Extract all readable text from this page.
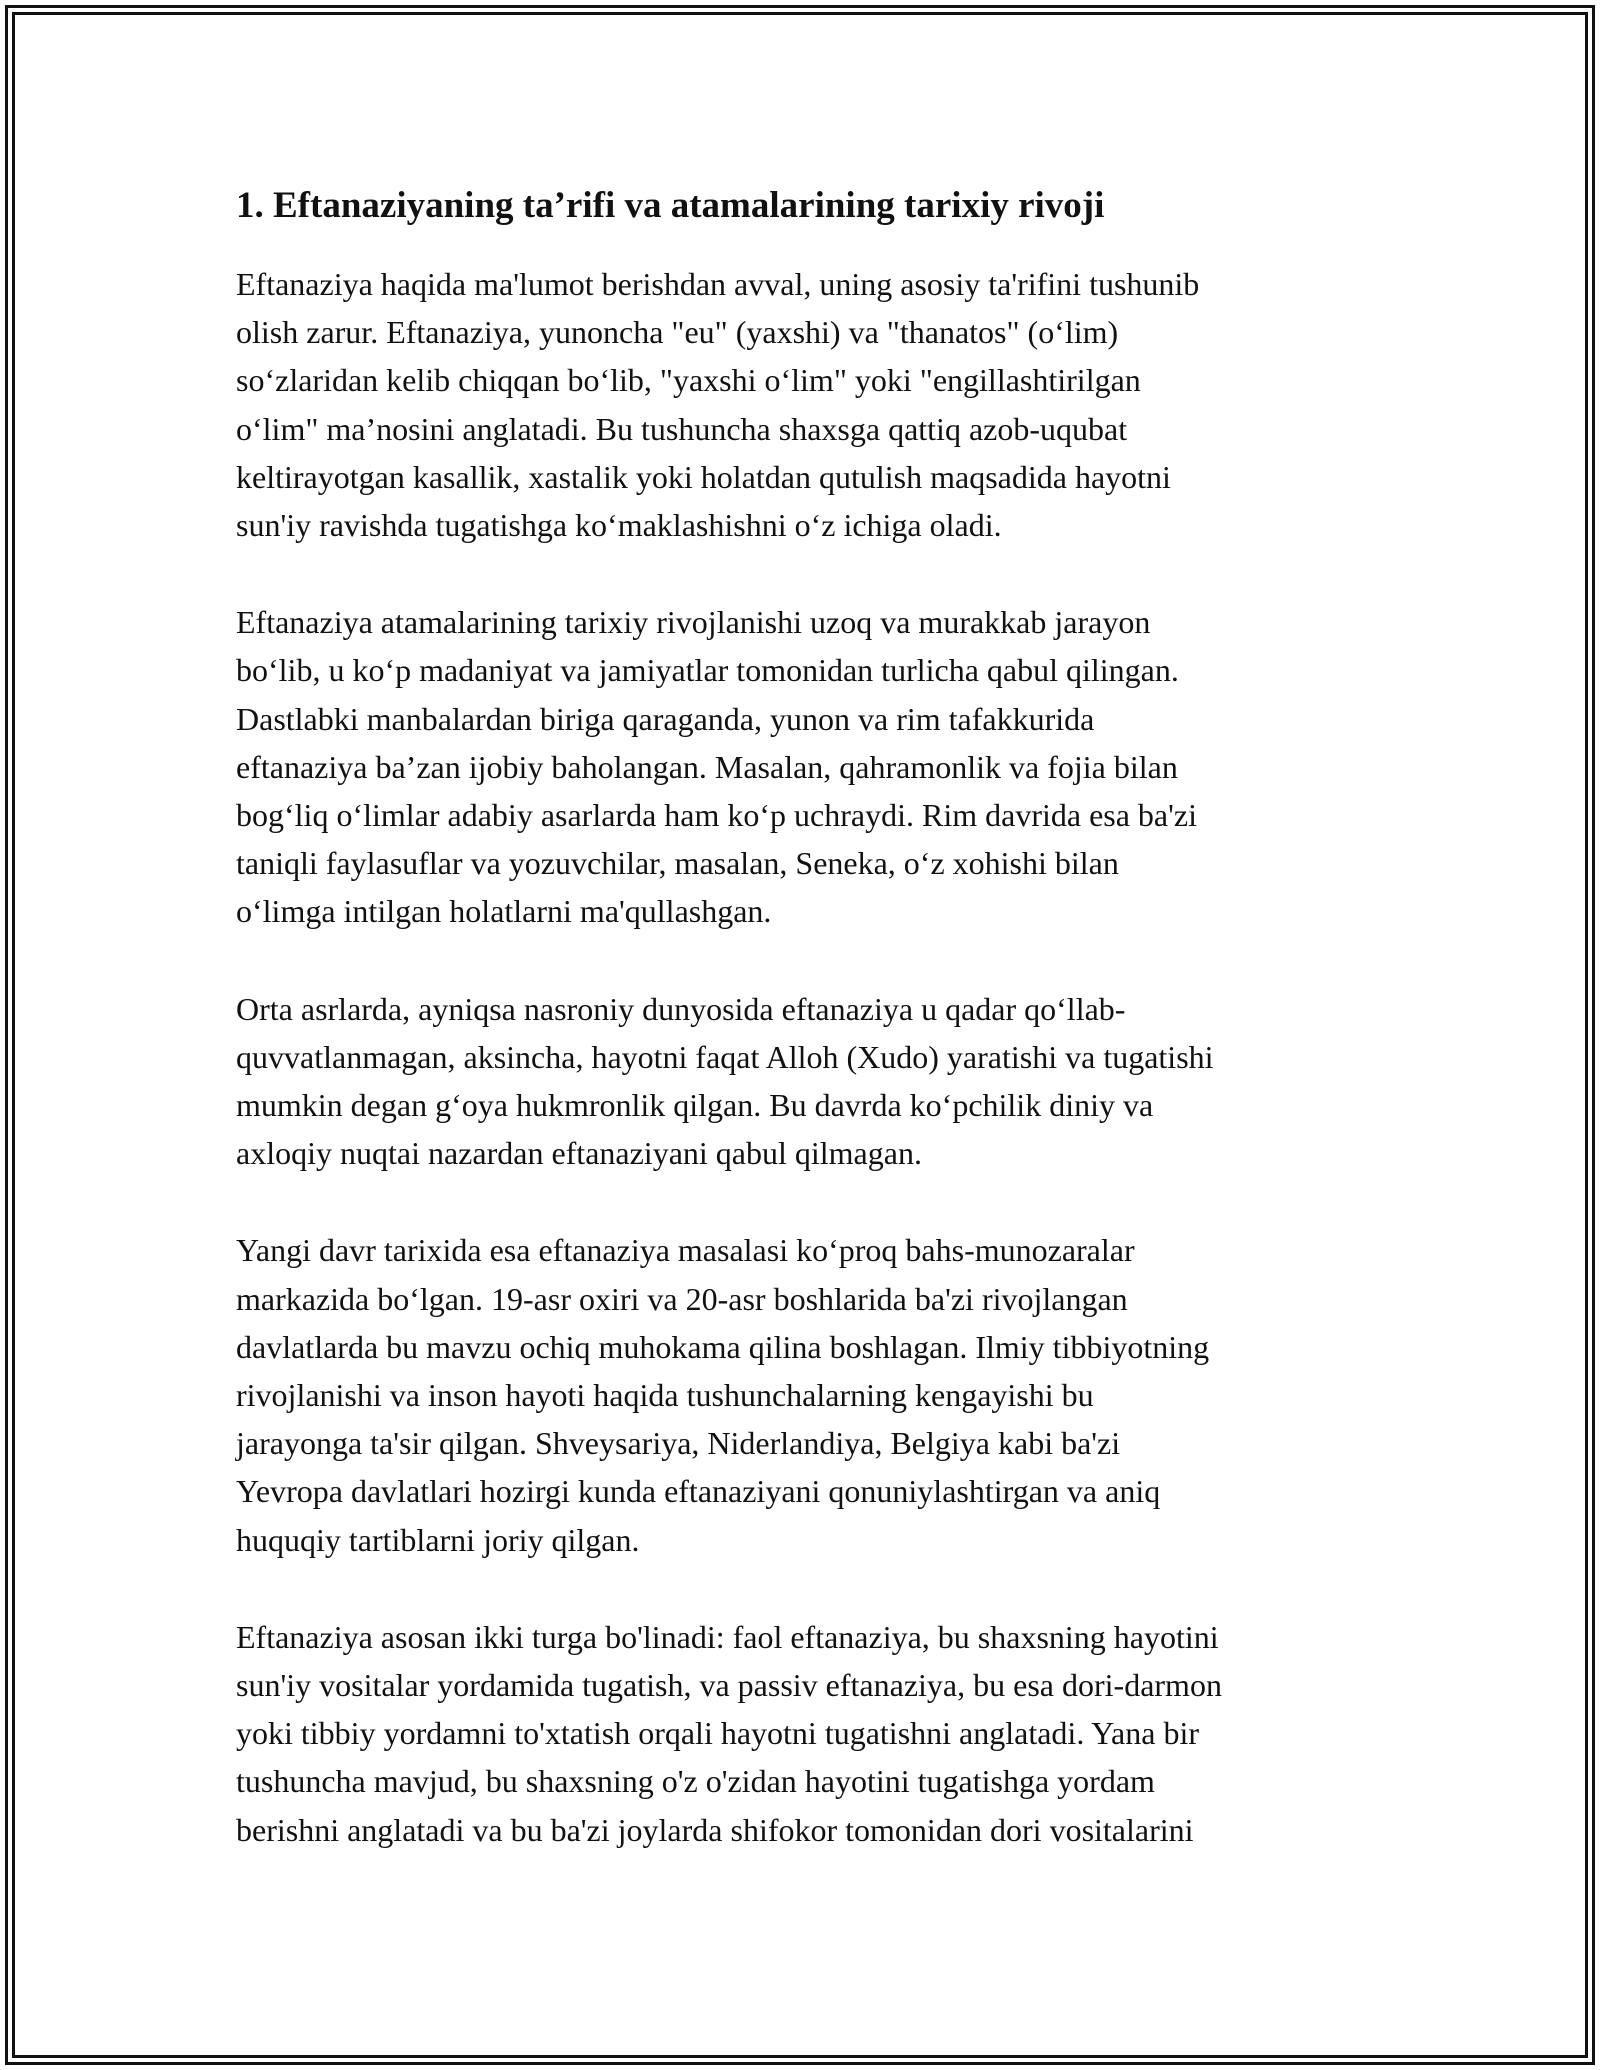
1. Eftanaziyaning ta’rifi va atamalarining tarixiy rivoji

Eftanaziya haqida ma'lumot berishdan avval, uning asosiy ta'rifini tushunib
olish zarur. Eftanaziya, yunoncha "eu" (yaxshi) va "thanatos" (o‘lim)
so‘zlaridan kelib chiqqan bo‘lib, "yaxshi o‘lim" yoki "engillashtirilgan
o‘lim" ma’nosini anglatadi. Bu tushuncha shaxsga qattiq azob-uqubat
keltirayotgan kasallik, xastalik yoki holatdan qutulish maqsadida hayotni
sun'iy ravishda tugatishga ko‘maklashishni o‘z ichiga oladi.

Eftanaziya atamalarining tarixiy rivojlanishi uzoq va murakkab jarayon
bo‘lib, u ko‘p madaniyat va jamiyatlar tomonidan turlicha qabul qilingan.
Dastlabki manbalardan biriga qaraganda, yunon va rim tafakkurida
eftanaziya ba’zan ijobiy baholangan. Masalan, qahramonlik va fojia bilan
bog‘liq o‘limlar adabiy asarlarda ham ko‘p uchraydi. Rim davrida esa ba'zi
taniqli faylasuflar va yozuvchilar, masalan, Seneka, o‘z xohishi bilan
o‘limga intilgan holatlarni ma'qullashgan.

Orta asrlarda, ayniqsa nasroniy dunyosida eftanaziya u qadar qo‘llab-
quvvatlanmagan, aksincha, hayotni faqat Alloh (Xudo) yaratishi va tugatishi
mumkin degan g‘oya hukmronlik qilgan. Bu davrda ko‘pchilik diniy va
axloqiy nuqtai nazardan eftanaziyani qabul qilmagan.

Yangi davr tarixida esa eftanaziya masalasi ko‘proq bahs-munozaralar
markazida bo‘lgan. 19-asr oxiri va 20-asr boshlarida ba'zi rivojlangan
davlatlarda bu mavzu ochiq muhokama qilina boshlagan. Ilmiy tibbiyotning
rivojlanishi va inson hayoti haqida tushunchalarning kengayishi bu
jarayonga ta'sir qilgan. Shveysariya, Niderlandiya, Belgiya kabi ba'zi
Yevropa davlatlari hozirgi kunda eftanaziyani qonuniylashtirgan va aniq
huquqiy tartiblarni joriy qilgan.

Eftanaziya asosan ikki turga bo'linadi: faol eftanaziya, bu shaxsning hayotini
sun'iy vositalar yordamida tugatish, va passiv eftanaziya, bu esa dori-darmon
yoki tibbiy yordamni to'xtatish orqali hayotni tugatishni anglatadi. Yana bir
tushuncha mavjud, bu shaxsning o'z o'zidan hayotini tugatishga yordam
berishni anglatadi va bu ba'zi joylarda shifokor tomonidan dori vositalarini
